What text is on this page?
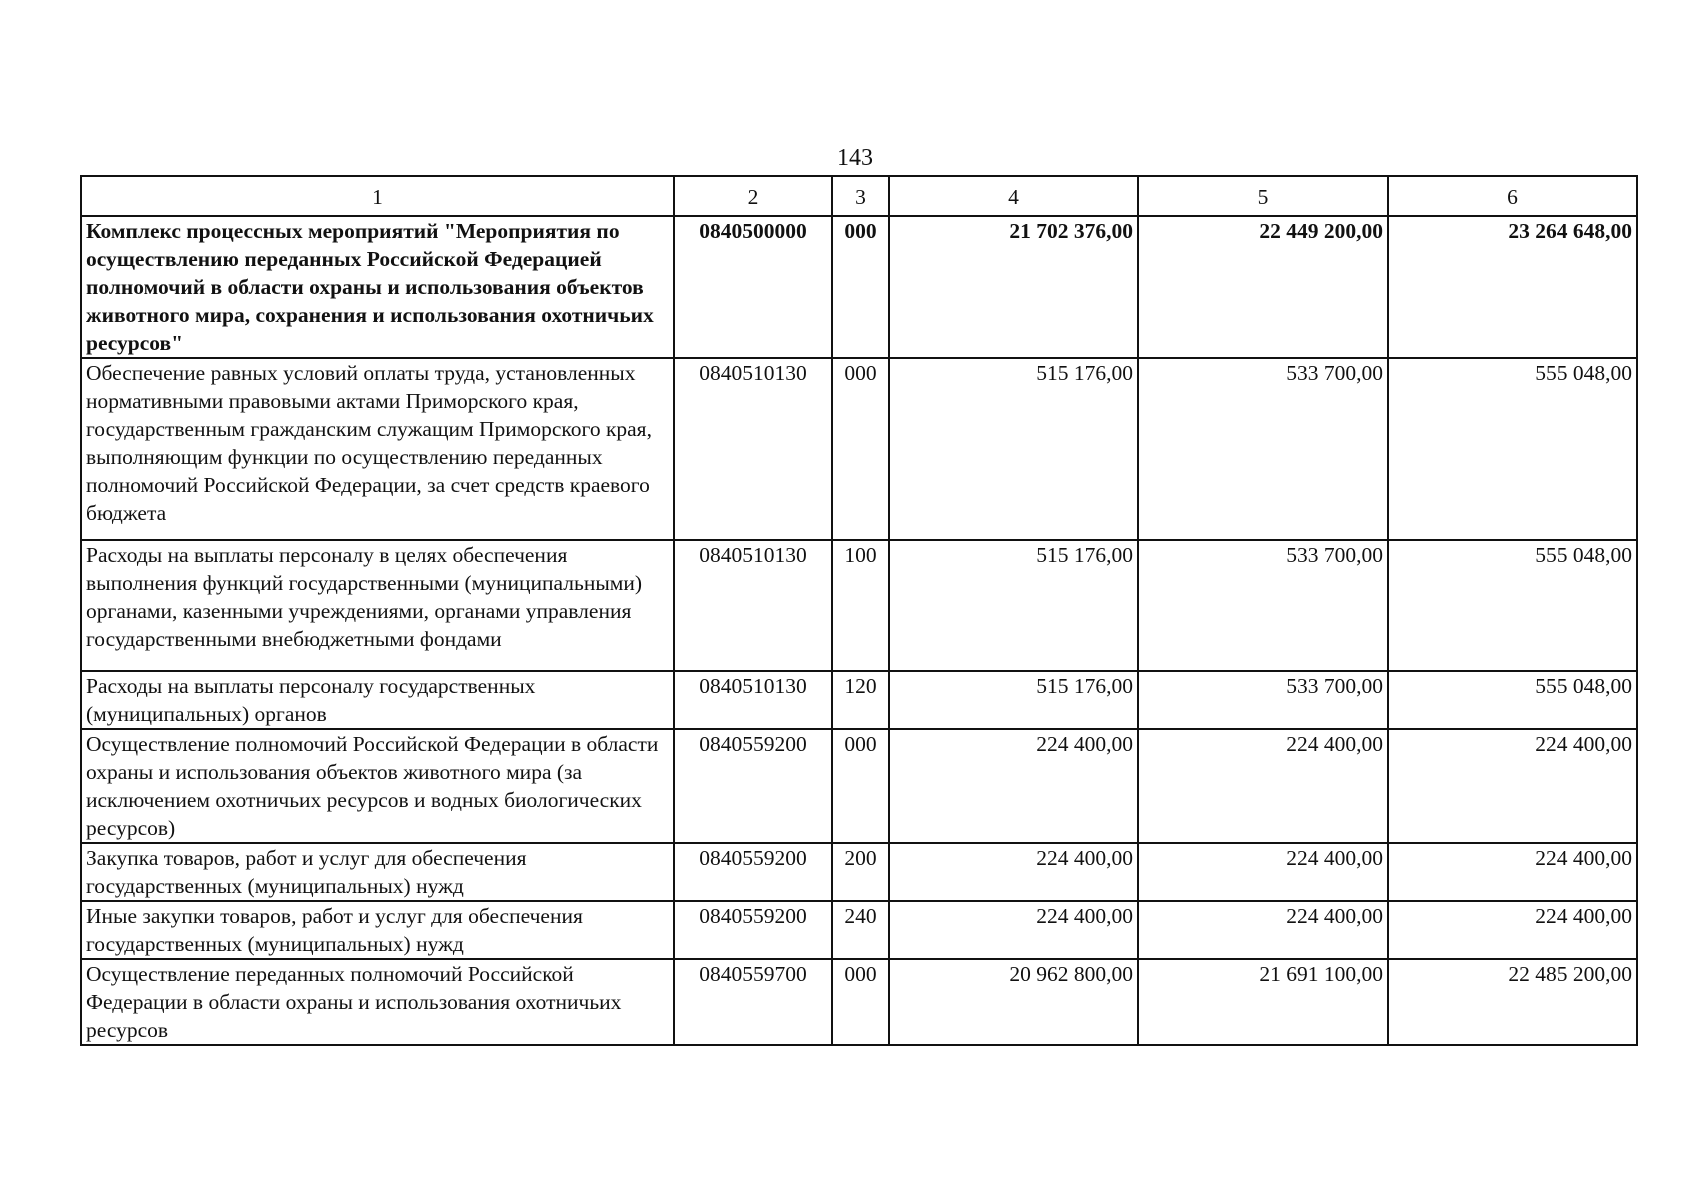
143
1	2	3	4	5	6
Комплекс процессных мероприятий "Мероприятия по осуществлению переданных Российской Федерацией полномочий в области охраны и использования объектов животного мира, сохранения и использования охотничьих ресурсов"	0840500000	000	21 702 376,00	22 449 200,00	23 264 648,00
Обеспечение равных условий оплаты труда, установленных нормативными правовыми актами Приморского края, государственным гражданским служащим Приморского края, выполняющим функции по осуществлению переданных полномочий Российской Федерации, за счет средств краевого бюджета	0840510130	000	515 176,00	533 700,00	555 048,00
Расходы на выплаты персоналу в целях обеспечения выполнения функций государственными (муниципальными) органами, казенными учреждениями, органами управления государственными внебюджетными фондами	0840510130	100	515 176,00	533 700,00	555 048,00
Расходы на выплаты персоналу государственных (муниципальных) органов	0840510130	120	515 176,00	533 700,00	555 048,00
Осуществление полномочий Российской Федерации в области охраны и использования объектов животного мира (за исключением охотничьих ресурсов и водных биологических ресурсов)	0840559200	000	224 400,00	224 400,00	224 400,00
Закупка товаров, работ и услуг для обеспечения государственных (муниципальных) нужд	0840559200	200	224 400,00	224 400,00	224 400,00
Иные закупки товаров, работ и услуг для обеспечения государственных (муниципальных) нужд	0840559200	240	224 400,00	224 400,00	224 400,00
Осуществление переданных полномочий Российской Федерации в области охраны и использования охотничьих ресурсов	0840559700	000	20 962 800,00	21 691 100,00	22 485 200,00
